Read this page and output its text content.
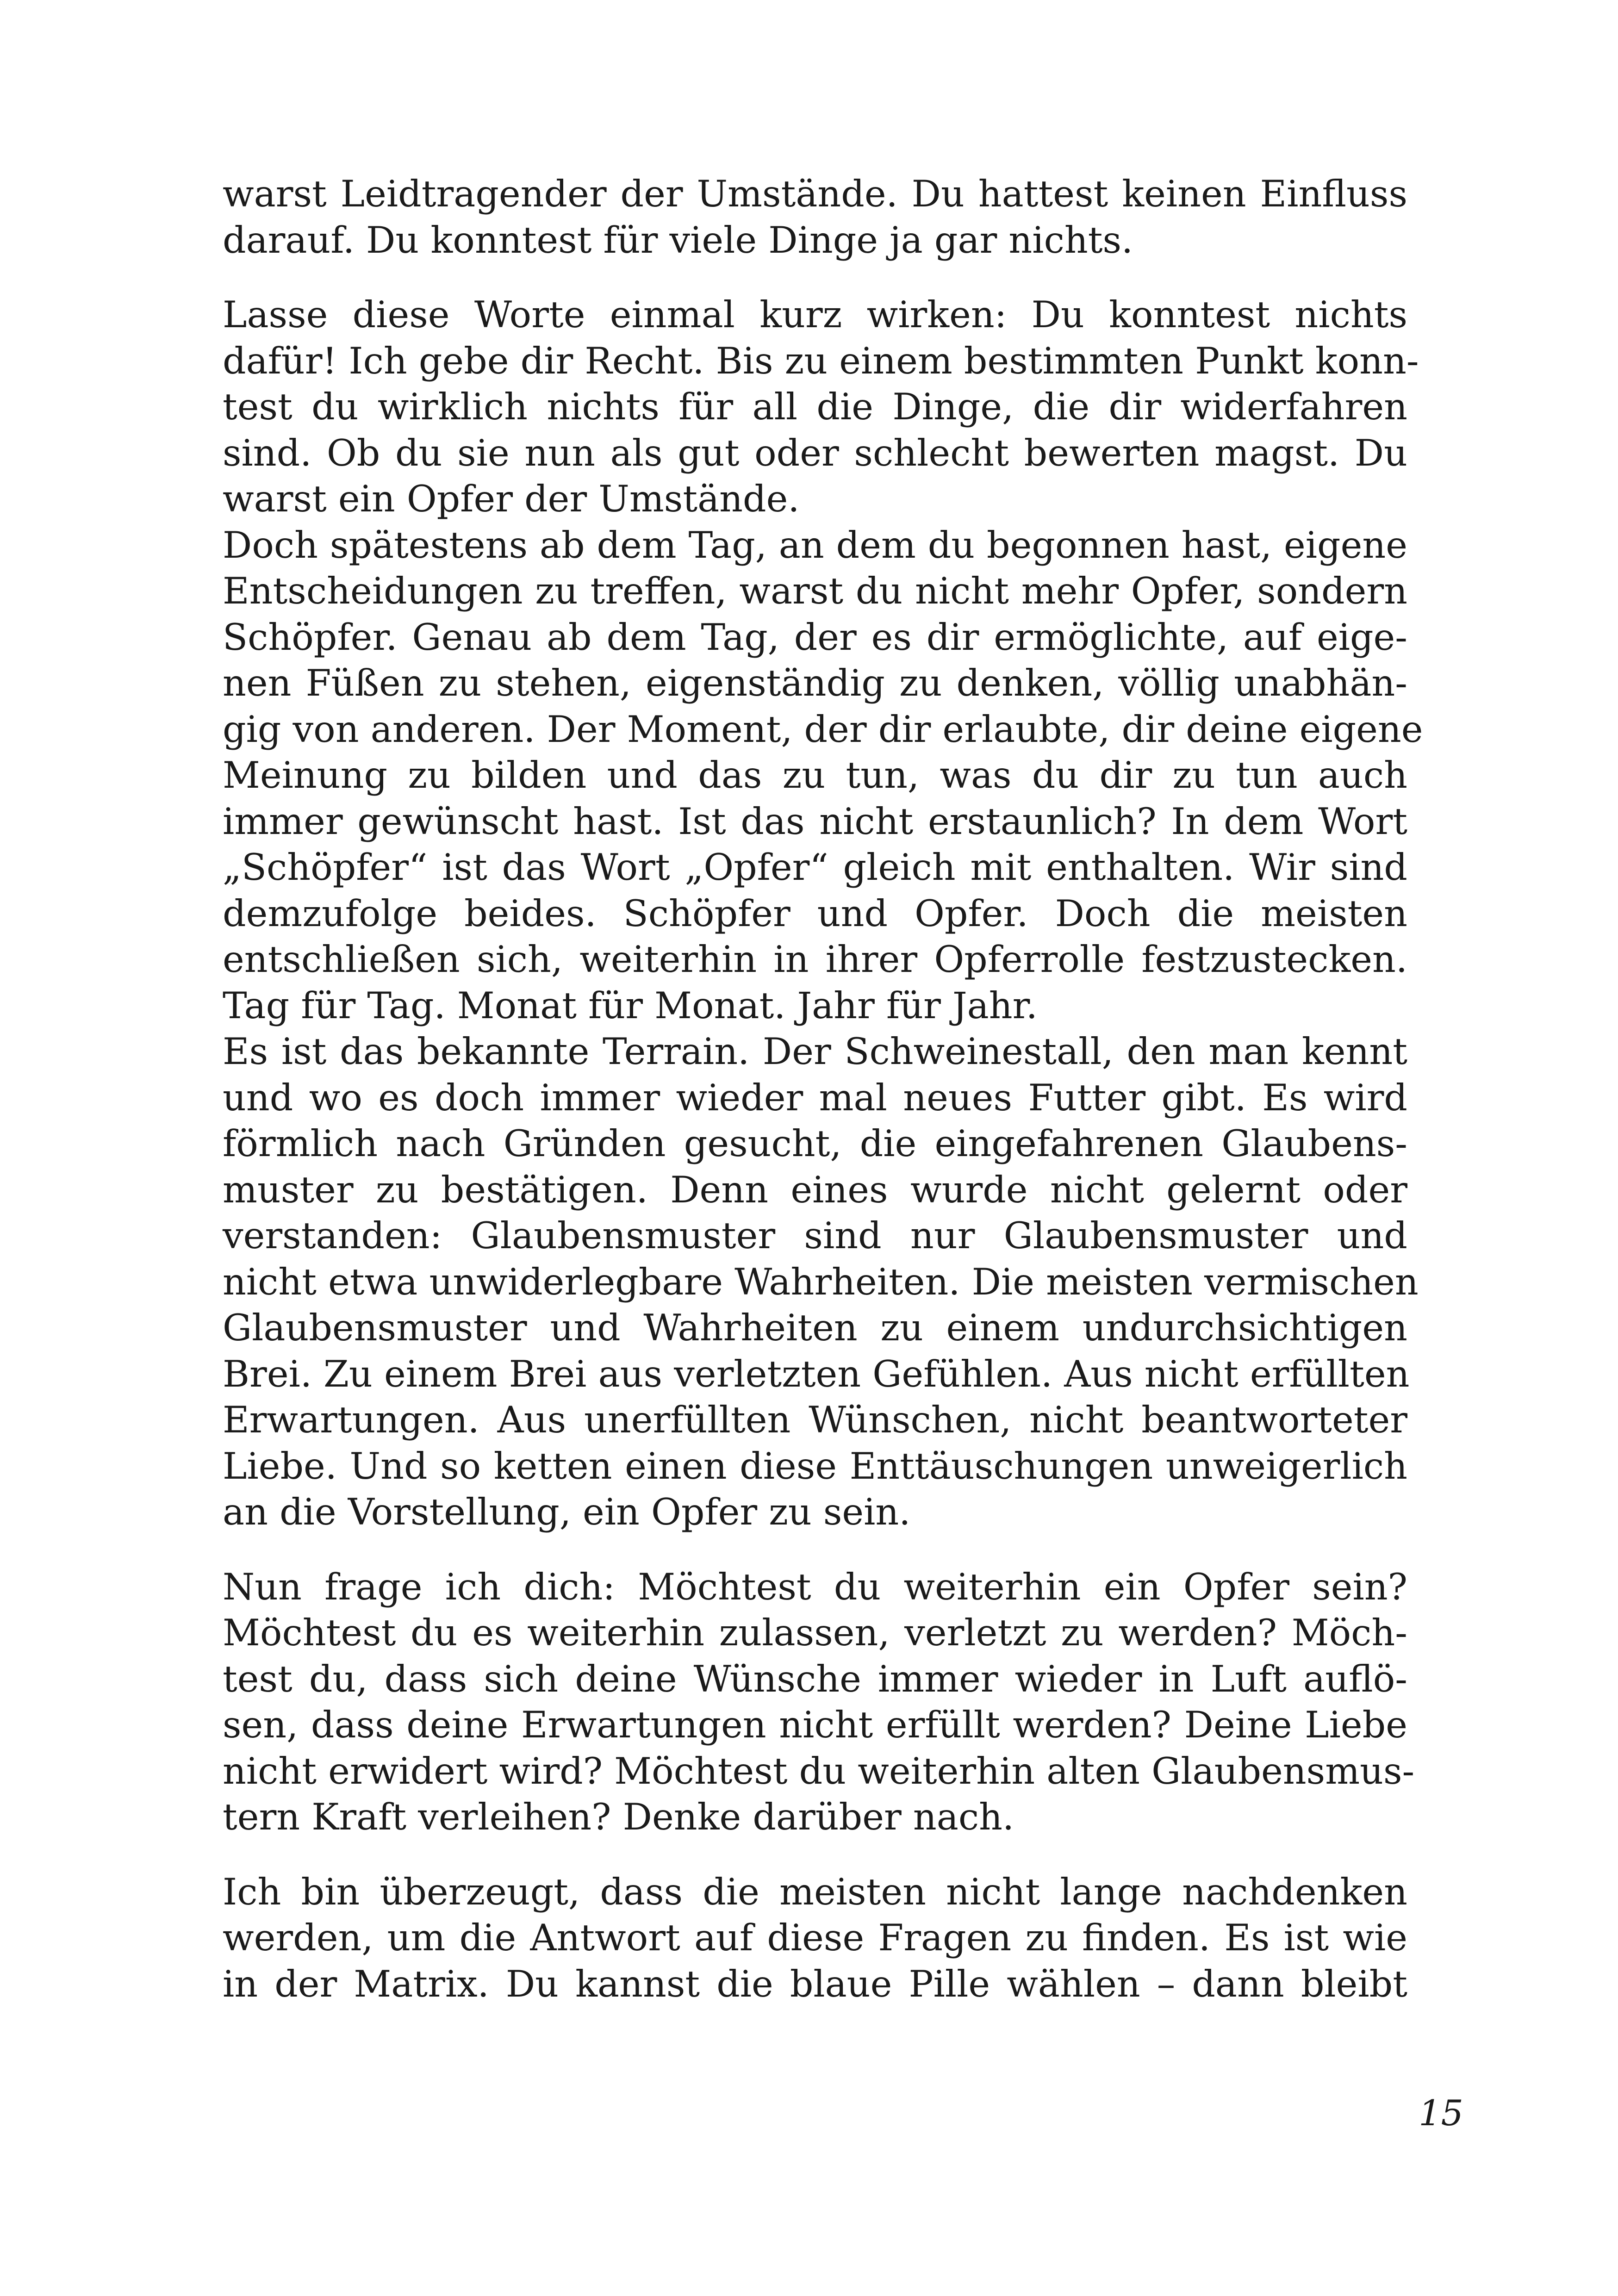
warst Leidtragender der Umstände. Du hattest keinen Einfluss
darauf. Du konntest für viele Dinge ja gar nichts.
Lasse diese Worte einmal kurz wirken: Du konntest nichts
dafür! Ich gebe dir Recht. Bis zu einem bestimmten Punkt konn-
test du wirklich nichts für all die Dinge, die dir widerfahren
sind. Ob du sie nun als gut oder schlecht bewerten magst. Du
warst ein Opfer der Umstände.
Doch spätestens ab dem Tag, an dem du begonnen hast, eigene
Entscheidungen zu treffen, warst du nicht mehr Opfer, sondern
Schöpfer. Genau ab dem Tag, der es dir ermöglichte, auf eige-
nen Füßen zu stehen, eigenständig zu denken, völlig unabhän-
gig von anderen. Der Moment, der dir erlaubte, dir deine eigene
Meinung zu bilden und das zu tun, was du dir zu tun auch
immer gewünscht hast. Ist das nicht erstaunlich? In dem Wort
„Schöpfer“ ist das Wort „Opfer“ gleich mit enthalten. Wir sind
demzufolge beides. Schöpfer und Opfer. Doch die meisten
entschließen sich, weiterhin in ihrer Opferrolle festzustecken.
Tag für Tag. Monat für Monat. Jahr für Jahr.
Es ist das bekannte Terrain. Der Schweinestall, den man kennt
und wo es doch immer wieder mal neues Futter gibt. Es wird
förmlich nach Gründen gesucht, die eingefahrenen Glaubens-
muster zu bestätigen. Denn eines wurde nicht gelernt oder
verstanden: Glaubensmuster sind nur Glaubensmuster und
nicht etwa unwiderlegbare Wahrheiten. Die meisten vermischen
Glaubensmuster und Wahrheiten zu einem undurchsichtigen
Brei. Zu einem Brei aus verletzten Gefühlen. Aus nicht erfüllten
Erwartungen. Aus unerfüllten Wünschen, nicht beantworteter
Liebe. Und so ketten einen diese Enttäuschungen unweigerlich
an die Vorstellung, ein Opfer zu sein.
Nun frage ich dich: Möchtest du weiterhin ein Opfer sein?
Möchtest du es weiterhin zulassen, verletzt zu werden? Möch-
test du, dass sich deine Wünsche immer wieder in Luft auflö-
sen, dass deine Erwartungen nicht erfüllt werden? Deine Liebe
nicht erwidert wird? Möchtest du weiterhin alten Glaubensmus-
tern Kraft verleihen? Denke darüber nach.
Ich bin überzeugt, dass die meisten nicht lange nachdenken
werden, um die Antwort auf diese Fragen zu finden. Es ist wie
in der Matrix. Du kannst die blaue Pille wählen – dann bleibt
15
